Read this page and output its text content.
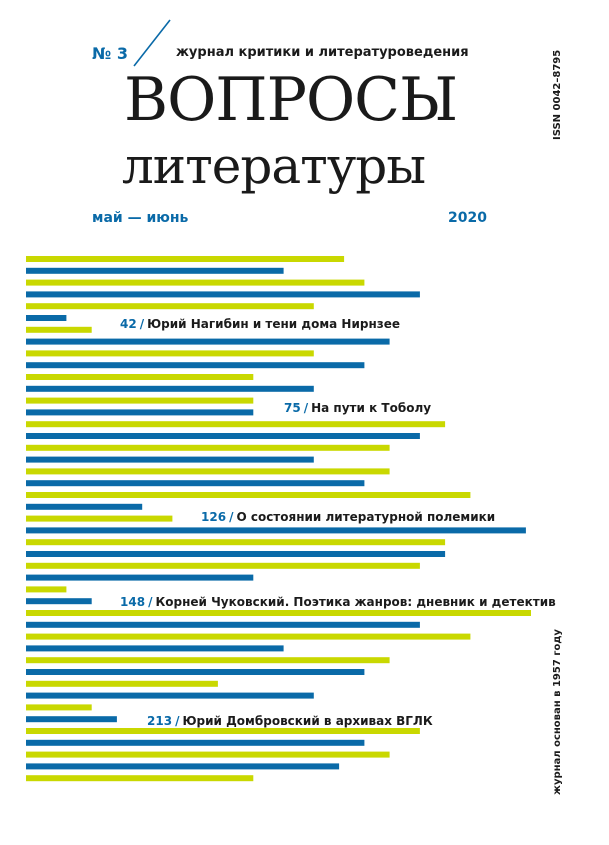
№ 3	журнал критики и литературоведения
ВОПРОСЫ
литературы
май — июнь	2020
ISSN 0042–8795
журнал основан в 1957 году
42 / Юрий Нагибин и тени дома Нирнзее
75 / На пути к Тоболу
126 / О состоянии литературной полемики
148 / Корней Чуковский. Поэтика жанров: дневник и детектив
213 / Юрий Домбровский в архивах ВГЛК
